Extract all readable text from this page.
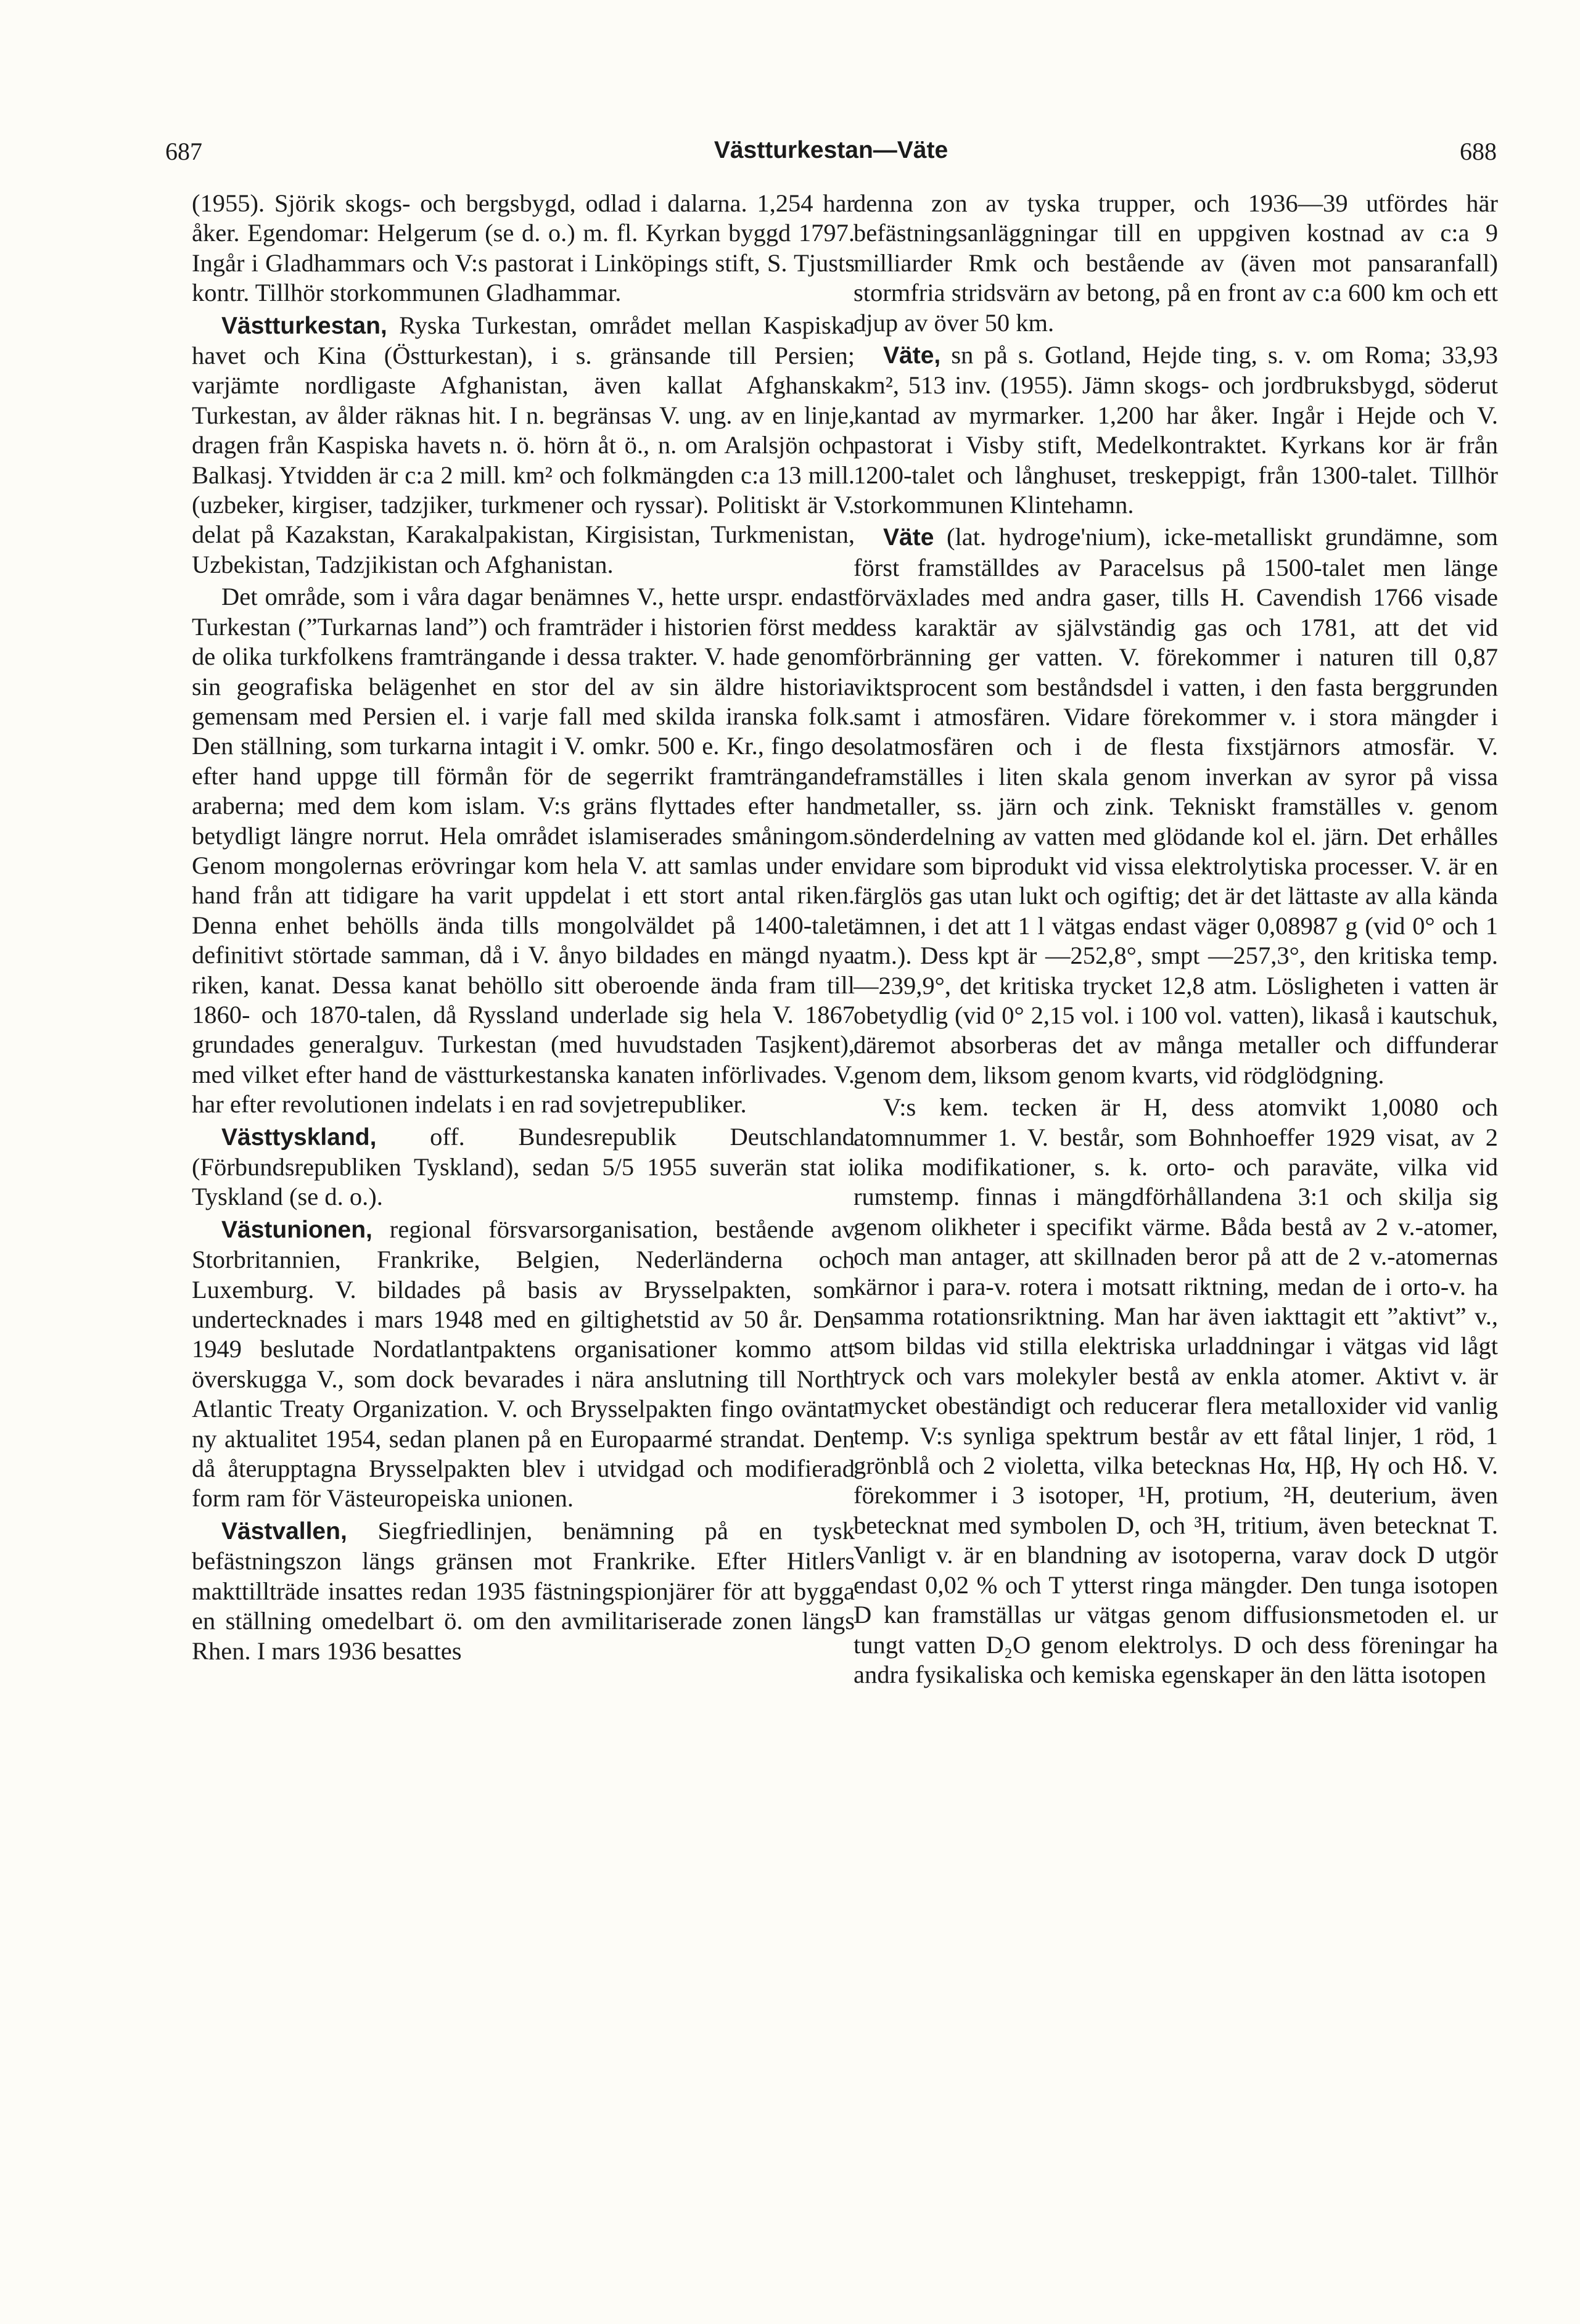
687	Västturkestan—Väte	688

(1955). Sjörik skogs- och bergsbygd, odlad i dalarna. 1,254 har åker. Egendomar: Helgerum (se d. o.) m. fl. Kyrkan byggd 1797. Ingår i Gladhammars och V:s pastorat i Linköpings stift, S. Tjusts kontr. Tillhör storkommunen Gladhammar.

Västturkestan, Ryska Turkestan, området mellan Kaspiska havet och Kina (Östturkestan), i s. gränsande till Persien; varjämte nordligaste Afghanistan, även kallat Afghanska Turkestan, av ålder räknas hit. I n. begränsas V. ung. av en linje, dragen från Kaspiska havets n. ö. hörn åt ö., n. om Aralsjön och Balkasj. Ytvidden är c:a 2 mill. km² och folkmängden c:a 13 mill. (uzbeker, kirgiser, tadzjiker, turkmener och ryssar). Politiskt är V. delat på Kazakstan, Karakalpakistan, Kirgisistan, Turkmenistan, Uzbekistan, Tadzjikistan och Afghanistan.

Det område, som i våra dagar benämnes V., hette urspr. endast Turkestan (”Turkarnas land”) och framträder i historien först med de olika turkfolkens framträngande i dessa trakter. V. hade genom sin geografiska belägenhet en stor del av sin äldre historia gemensam med Persien el. i varje fall med skilda iranska folk. Den ställning, som turkarna intagit i V. omkr. 500 e. Kr., fingo de efter hand uppge till förmån för de segerrikt framträngande araberna; med dem kom islam. V:s gräns flyttades efter hand betydligt längre norrut. Hela området islamiserades småningom. Genom mongolernas erövringar kom hela V. att samlas under en hand från att tidigare ha varit uppdelat i ett stort antal riken. Denna enhet behölls ända tills mongolväldet på 1400-talet definitivt störtade samman, då i V. ånyo bildades en mängd nya riken, kanat. Dessa kanat behöllo sitt oberoende ända fram till 1860- och 1870-talen, då Ryssland underlade sig hela V. 1867 grundades generalguv. Turkestan (med huvudstaden Tasjkent), med vilket efter hand de västturkestanska kanaten införlivades. V. har efter revolutionen indelats i en rad sovjetrepubliker.

Västtyskland, off. Bundesrepublik Deutschland (Förbundsrepubliken Tyskland), sedan 5/5 1955 suverän stat i Tyskland (se d. o.).

Västunionen, regional försvarsorganisation, bestående av Storbritannien, Frankrike, Belgien, Nederländerna och Luxemburg. V. bildades på basis av Brysselpakten, som undertecknades i mars 1948 med en giltighetstid av 50 år. Den 1949 beslutade Nordatlantpaktens organisationer kommo att överskugga V., som dock bevarades i nära anslutning till North Atlantic Treaty Organization. V. och Brysselpakten fingo oväntat ny aktualitet 1954, sedan planen på en Europaarmé strandat. Den då återupptagna Brysselpakten blev i utvidgad och modifierad form ram för Västeuropeiska unionen.

Västvallen, Siegfriedlinjen, benämning på en tysk befästningszon längs gränsen mot Frankrike. Efter Hitlers makttillträde insattes redan 1935 fästningspionjärer för att bygga en ställning omedelbart ö. om den avmilitariserade zonen längs Rhen. I mars 1936 besattes

denna zon av tyska trupper, och 1936—39 utfördes här befästningsanläggningar till en uppgiven kostnad av c:a 9 milliarder Rmk och bestående av (även mot pansaranfall) stormfria stridsvärn av betong, på en front av c:a 600 km och ett djup av över 50 km.

Väte, sn på s. Gotland, Hejde ting, s. v. om Roma; 33,93 km², 513 inv. (1955). Jämn skogs- och jordbruksbygd, söderut kantad av myrmarker. 1,200 har åker. Ingår i Hejde och V. pastorat i Visby stift, Medelkontraktet. Kyrkans kor är från 1200-talet och långhuset, treskeppigt, från 1300-talet. Tillhör storkommunen Klintehamn.

Väte (lat. hydroge'nium), icke-metalliskt grundämne, som först framställdes av Paracelsus på 1500-talet men länge förväxlades med andra gaser, tills H. Cavendish 1766 visade dess karaktär av självständig gas och 1781, att det vid förbränning ger vatten. V. förekommer i naturen till 0,87 viktsprocent som beståndsdel i vatten, i den fasta berggrunden samt i atmosfären. Vidare förekommer v. i stora mängder i solatmosfären och i de flesta fixstjärnors atmosfär. V. framställes i liten skala genom inverkan av syror på vissa metaller, ss. järn och zink. Tekniskt framställes v. genom sönderdelning av vatten med glödande kol el. järn. Det erhålles vidare som biprodukt vid vissa elektrolytiska processer. V. är en färglös gas utan lukt och ogiftig; det är det lättaste av alla kända ämnen, i det att 1 l vätgas endast väger 0,08987 g (vid 0° och 1 atm.). Dess kpt är —252,8°, smpt —257,3°, den kritiska temp. —239,9°, det kritiska trycket 12,8 atm. Lösligheten i vatten är obetydlig (vid 0° 2,15 vol. i 100 vol. vatten), likaså i kautschuk, däremot absorberas det av många metaller och diffunderar genom dem, liksom genom kvarts, vid rödglödgning.

V:s kem. tecken är H, dess atomvikt 1,0080 och atomnummer 1. V. består, som Bohnhoeffer 1929 visat, av 2 olika modifikationer, s. k. orto- och paraväte, vilka vid rumstemp. finnas i mängdförhållandena 3:1 och skilja sig genom olikheter i specifikt värme. Båda bestå av 2 v.-atomer, och man antager, att skillnaden beror på att de 2 v.-atomernas kärnor i para-v. rotera i motsatt riktning, medan de i orto-v. ha samma rotationsriktning. Man har även iakttagit ett ”aktivt” v., som bildas vid stilla elektriska urladdningar i vätgas vid lågt tryck och vars molekyler bestå av enkla atomer. Aktivt v. är mycket obeständigt och reducerar flera metalloxider vid vanlig temp. V:s synliga spektrum består av ett fåtal linjer, 1 röd, 1 grönblå och 2 violetta, vilka betecknas Hα, Hβ, Hγ och Hδ. V. förekommer i 3 isotoper, ¹H, protium, ²H, deuterium, även betecknat med symbolen D, och ³H, tritium, även betecknat T. Vanligt v. är en blandning av isotoperna, varav dock D utgör endast 0,02 % och T ytterst ringa mängder. Den tunga isotopen D kan framställas ur vätgas genom diffusionsmetoden el. ur tungt vatten D₂O genom elektrolys. D och dess föreningar ha andra fysikaliska och kemiska egenskaper än den lätta isotopen
